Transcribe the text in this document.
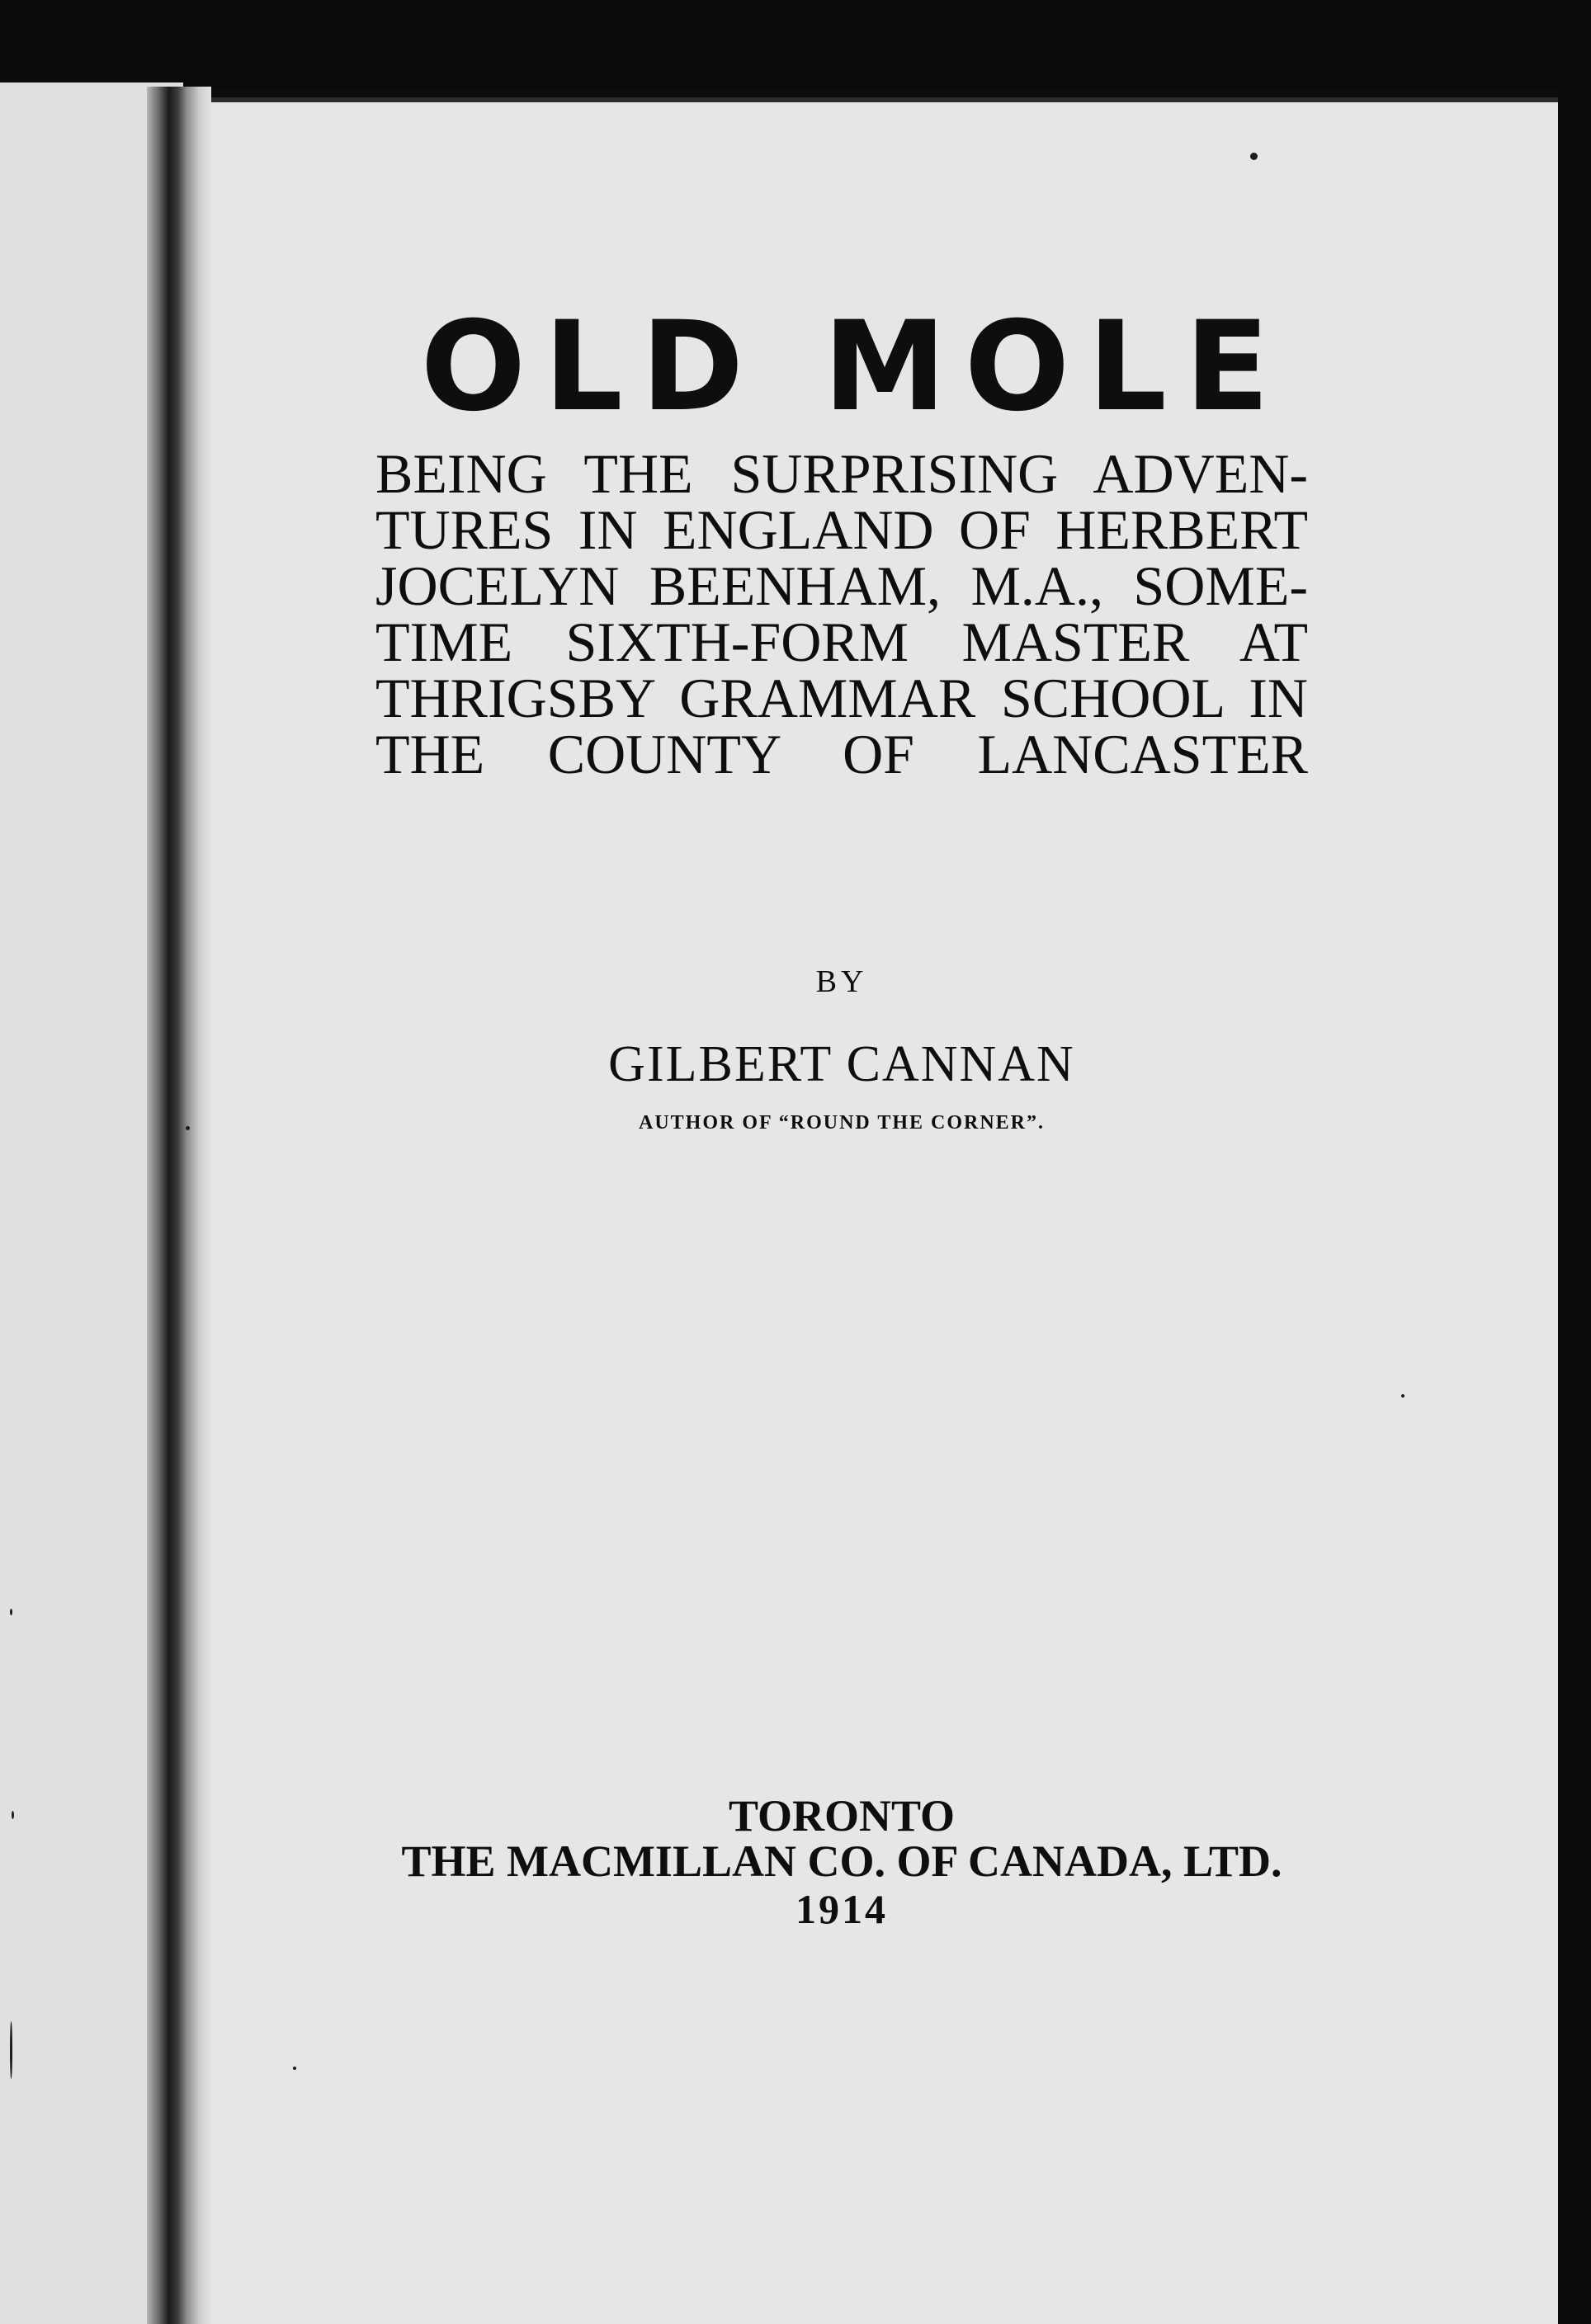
OLD MOLE
BEING THE SURPRISING ADVEN-
TURES IN ENGLAND OF HERBERT
JOCELYN BEENHAM, M.A., SOME-
TIME SIXTH-FORM MASTER AT
THRIGSBY GRAMMAR SCHOOL IN
THE COUNTY OF LANCASTER
BY
GILBERT CANNAN
AUTHOR OF “ROUND THE CORNER”.
TORONTO
THE MACMILLAN CO. OF CANADA, LTD.
1914
